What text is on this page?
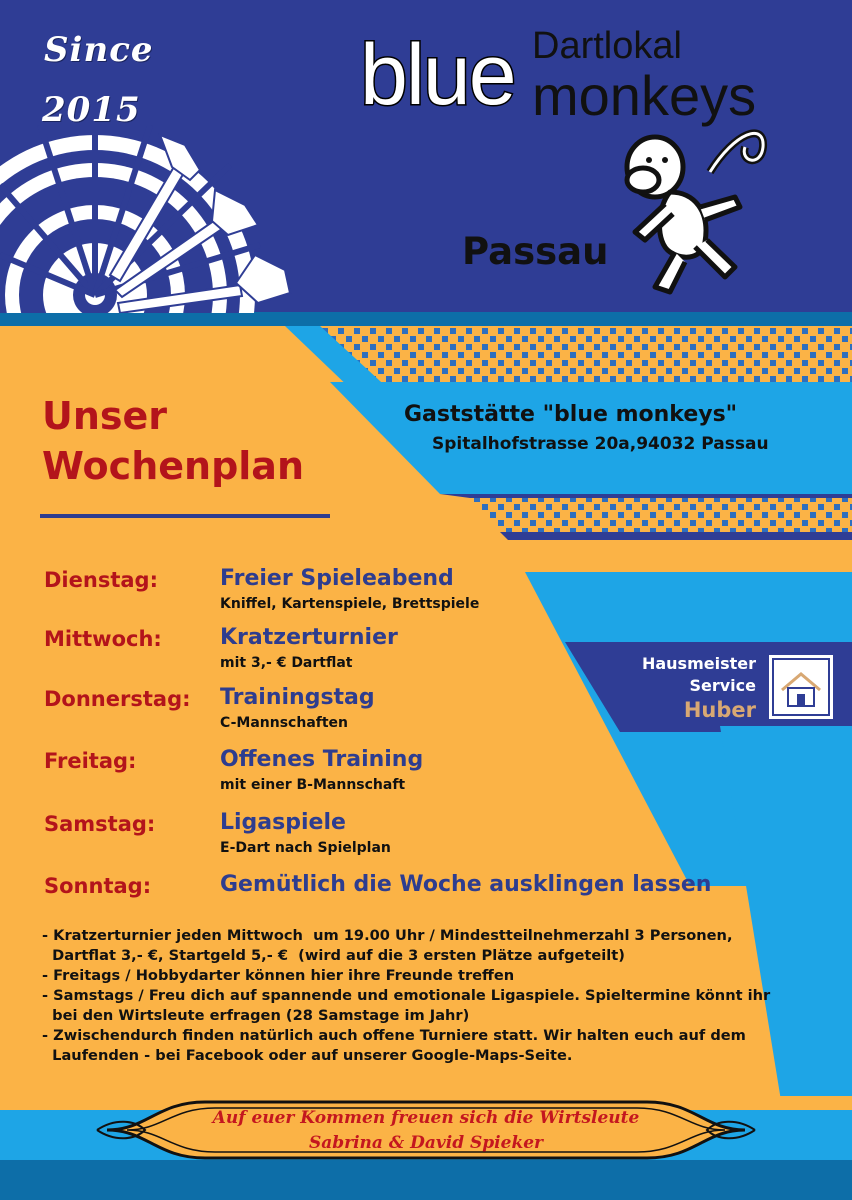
Since
2015	blue Dartlokal
monkeys
Passau
Unser
Wochenplan
Gaststätte "blue monkeys"
Spitalhofstrasse 20a,94032 Passau
Dienstag:	Freier Spieleabend
Kniffel, Kartenspiele, Brettspiele
Mittwoch:	Kratzerturnier
mit 3,- € Dartflat
Donnerstag: Trainingstag
C-Mannschaften
Freitag:	Offenes Training
mit einer B-Mannschaft
Samstag:	Ligaspiele
E-Dart nach Spielplan
Sonntag:	Gemütlich die Woche ausklingen lassen
Hausmeister
Service
Huber
- Kratzerturnier jeden Mittwoch  um 19.00 Uhr / Mindestteilnehmerzahl 3 Personen,
Dartflat 3,- €, Startgeld 5,- €  (wird auf die 3 ersten Plätze aufgeteilt)
- Freitags / Hobbydarter können hier ihre Freunde treffen
- Samstags / Freu dich auf spannende und emotionale Ligaspiele. Spieltermine könnt ihr
bei den Wirtsleute erfragen (28 Samstage im Jahr)
- Zwischendurch finden natürlich auch offene Turniere statt. Wir halten euch auf dem
Laufenden - bei Facebook oder auf unserer Google-Maps-Seite.
Auf euer Kommen freuen sich die Wirtsleute
Sabrina & David Spieker
